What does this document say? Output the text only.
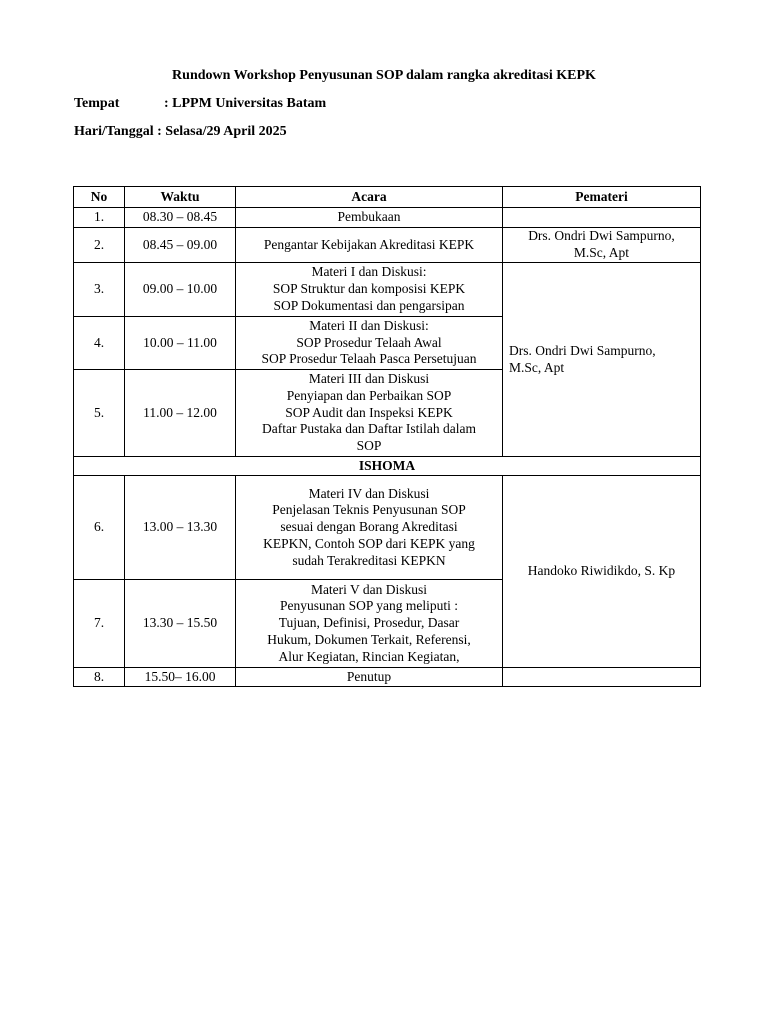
Rundown Workshop Penyusunan SOP dalam rangka akreditasi KEPK
Tempat	: LPPM Universitas Batam
Hari/Tanggal : Selasa/29 April 2025
No	Waktu	Acara	Pemateri
1.	08.30 – 08.45	Pembukaan	

2.	08.45 – 09.00	Pengantar Kebijakan Akreditasi KEPK	Drs. Ondri Dwi Sampurno,
M.Sc, Apt

3.	09.00 – 10.00	Materi I dan Diskusi:
SOP Struktur dan komposisi KEPK
SOP Dokumentasi dan pengarsipan	Drs. Ondri Dwi Sampurno,
M.Sc, Apt

4.	10.00 – 11.00	Materi II dan Diskusi:
SOP Prosedur Telaah Awal
SOP Prosedur Telaah Pasca Persetujuan	

5.	11.00 – 12.00	Materi III dan Diskusi
Penyiapan dan Perbaikan SOP
SOP Audit dan Inspeksi KEPK
Daftar Pustaka dan Daftar Istilah dalam
SOP	

ISHOMA			
6.	13.00 – 13.30	Materi IV dan Diskusi
Penjelasan Teknis Penyusunan SOP
sesuai dengan Borang Akreditasi
KEPKN, Contoh SOP dari KEPK yang
sudah Terakreditasi KEPKN	Handoko Riwidikdo, S. Kp
7.	13.30 – 15.50	Materi V dan Diskusi
Penyusunan SOP yang meliputi :
Tujuan, Definisi, Prosedur, Dasar
Hukum, Dokumen Terkait, Referensi,
Alur Kegiatan, Rincian Kegiatan,	

8.	15.50– 16.00	Penutup	
